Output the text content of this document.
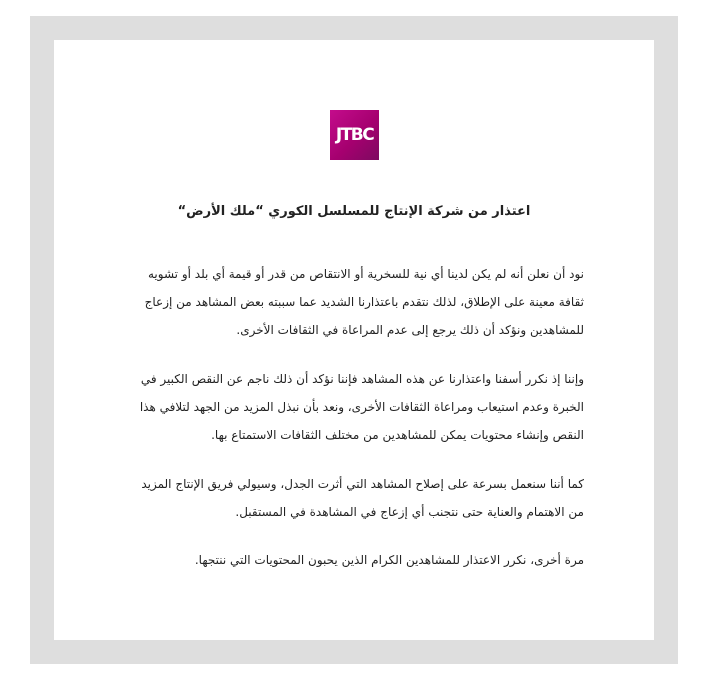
JTBC

اعتذار من شركة الإنتاج للمسلسل الكوري “ملك الأرض“

نود أن نعلن أنه لم يكن لدينا أي نية للسخرية أو الانتقاص من قدر أو قيمة أي بلد أو تشويه ثقافة معينة على الإطلاق، لذلك نتقدم باعتذارنا الشديد عما سببته بعض المشاهد من إزعاج للمشاهدين ونؤكد أن ذلك يرجع إلى عدم المراعاة في الثقافات الأخرى.

وإننا إذ نكرر أسفنا واعتذارنا عن هذه المشاهد فإننا نؤكد أن ذلك ناجم عن النقص الكبير في الخبرة وعدم استيعاب ومراعاة الثقافات الأخرى، ونعد بأن نبذل المزيد من الجهد لتلافي هذا النقص وإنشاء محتويات يمكن للمشاهدين من مختلف الثقافات الاستمتاع بها.

كما أننا سنعمل بسرعة على إصلاح المشاهد التي أثرت الجدل، وسيولي فريق الإنتاج المزيد من الاهتمام والعناية حتى نتجنب أي إزعاج في المشاهدة في المستقبل.

مرة أخرى، نكرر الاعتذار للمشاهدين الكرام الذين يحبون المحتويات التي ننتجها.
